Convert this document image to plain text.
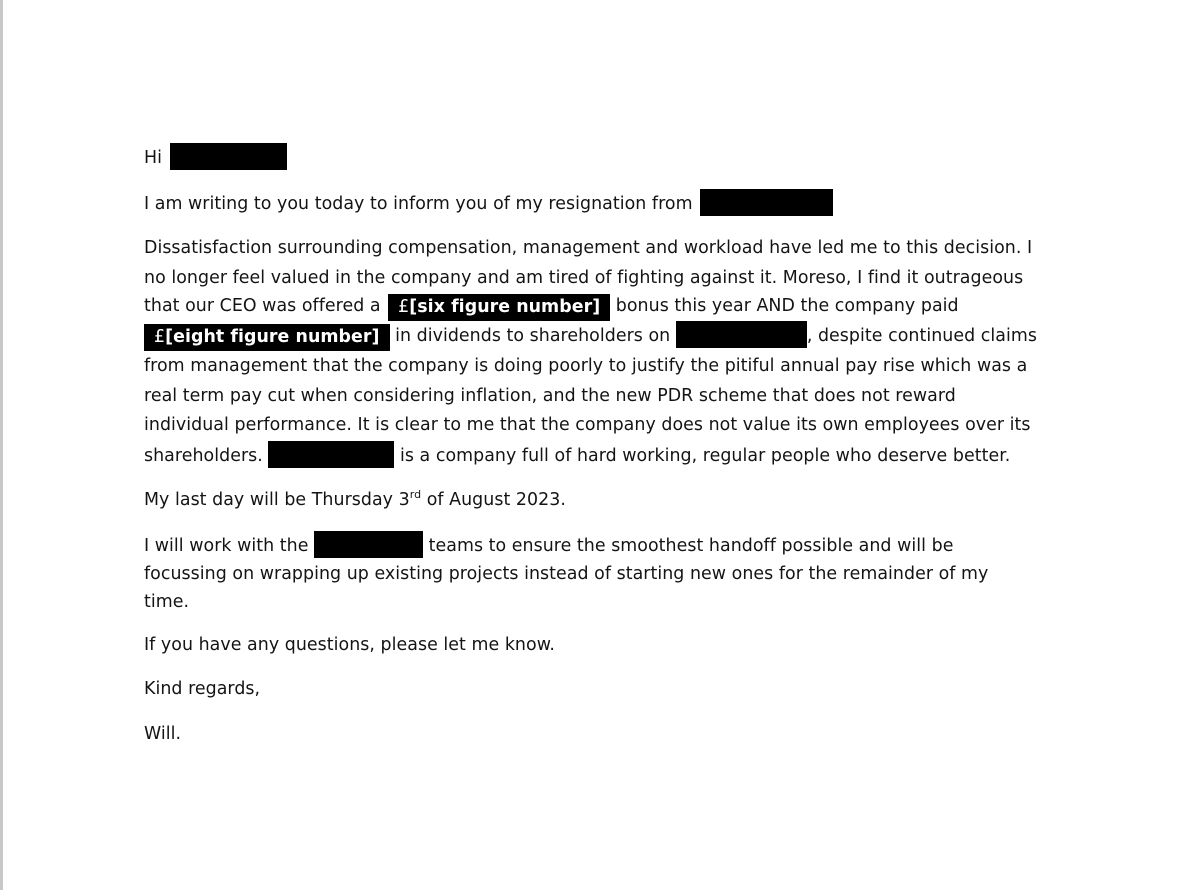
Hi

I am writing to you today to inform you of my resignation from

Dissatisfaction surrounding compensation, management and workload have led me to this decision. I
no longer feel valued in the company and am tired of fighting against it. Moreso, I find it outrageous
that our CEO was offered a £[six figure number] bonus this year AND the company paid
£[eight figure number] in dividends to shareholders on	, despite continued claims
from management that the company is doing poorly to justify the pitiful annual pay rise which was a
real term pay cut when considering inflation, and the new PDR scheme that does not reward
individual performance. It is clear to me that the company does not value its own employees over its
shareholders.	is a company full of hard working, regular people who deserve better.

My last day will be Thursday 3rd of August 2023.

I will work with the	teams to ensure the smoothest handoff possible and will be
focussing on wrapping up existing projects instead of starting new ones for the remainder of my
time.

If you have any questions, please let me know.

Kind regards,

Will.
